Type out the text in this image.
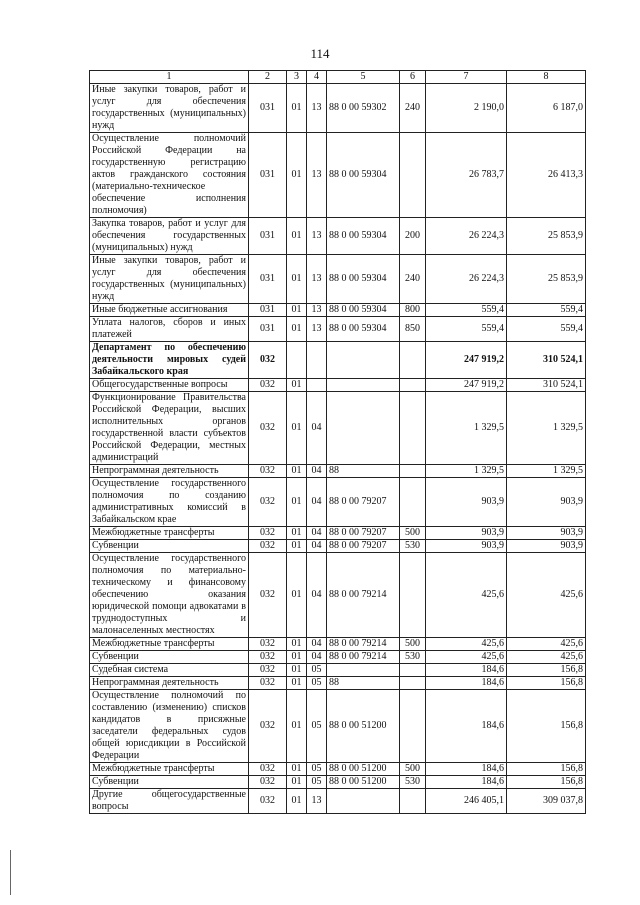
114
1	2	3	4	5	6	7	8
Иные закупки товаров, работ и услуг для обеспечения государственных (муниципальных) нужд	031	01	13	88 0 00 59302	240	2 190,0	6 187,0
Осуществление полномочий Российской Федерации на государственную регистрацию актов гражданского состояния (материально-техническое обеспечение исполнения полномочия)	031	01	13	88 0 00 59304		26 783,7	26 413,3
Закупка товаров, работ и услуг для обеспечения государственных (муниципальных) нужд	031	01	13	88 0 00 59304	200	26 224,3	25 853,9
Иные закупки товаров, работ и услуг для обеспечения государственных (муниципальных) нужд	031	01	13	88 0 00 59304	240	26 224,3	25 853,9
Иные бюджетные ассигнования	031	01	13	88 0 00 59304	800	559,4	559,4
Уплата налогов, сборов и иных платежей	031	01	13	88 0 00 59304	850	559,4	559,4
Департамент по обеспечению деятельности мировых судей Забайкальского края	032					247 919,2	310 524,1
Общегосударственные вопросы	032	01				247 919,2	310 524,1
Функционирование Правительства Российской Федерации, высших исполнительных органов государственной власти субъектов Российской Федерации, местных администраций	032	01	04			1 329,5	1 329,5
Непрограммная деятельность	032	01	04	88		1 329,5	1 329,5
Осуществление государственного полномочия по созданию административных комиссий в Забайкальском крае	032	01	04	88 0 00 79207		903,9	903,9
Межбюджетные трансферты	032	01	04	88 0 00 79207	500	903,9	903,9
Субвенции	032	01	04	88 0 00 79207	530	903,9	903,9
Осуществление государственного полномочия по материально-техническому и финансовому обеспечению оказания юридической помощи адвокатами в труднодоступных и малонаселенных местностях	032	01	04	88 0 00 79214		425,6	425,6
Межбюджетные трансферты	032	01	04	88 0 00 79214	500	425,6	425,6
Субвенции	032	01	04	88 0 00 79214	530	425,6	425,6
Судебная система	032	01	05			184,6	156,8
Непрограммная деятельность	032	01	05	88		184,6	156,8
Осуществление полномочий по составлению (изменению) списков кандидатов в присяжные заседатели федеральных судов общей юрисдикции в Российской Федерации	032	01	05	88 0 00 51200		184,6	156,8
Межбюджетные трансферты	032	01	05	88 0 00 51200	500	184,6	156,8
Субвенции	032	01	05	88 0 00 51200	530	184,6	156,8
Другие общегосударственные вопросы	032	01	13			246 405,1	309 037,8
